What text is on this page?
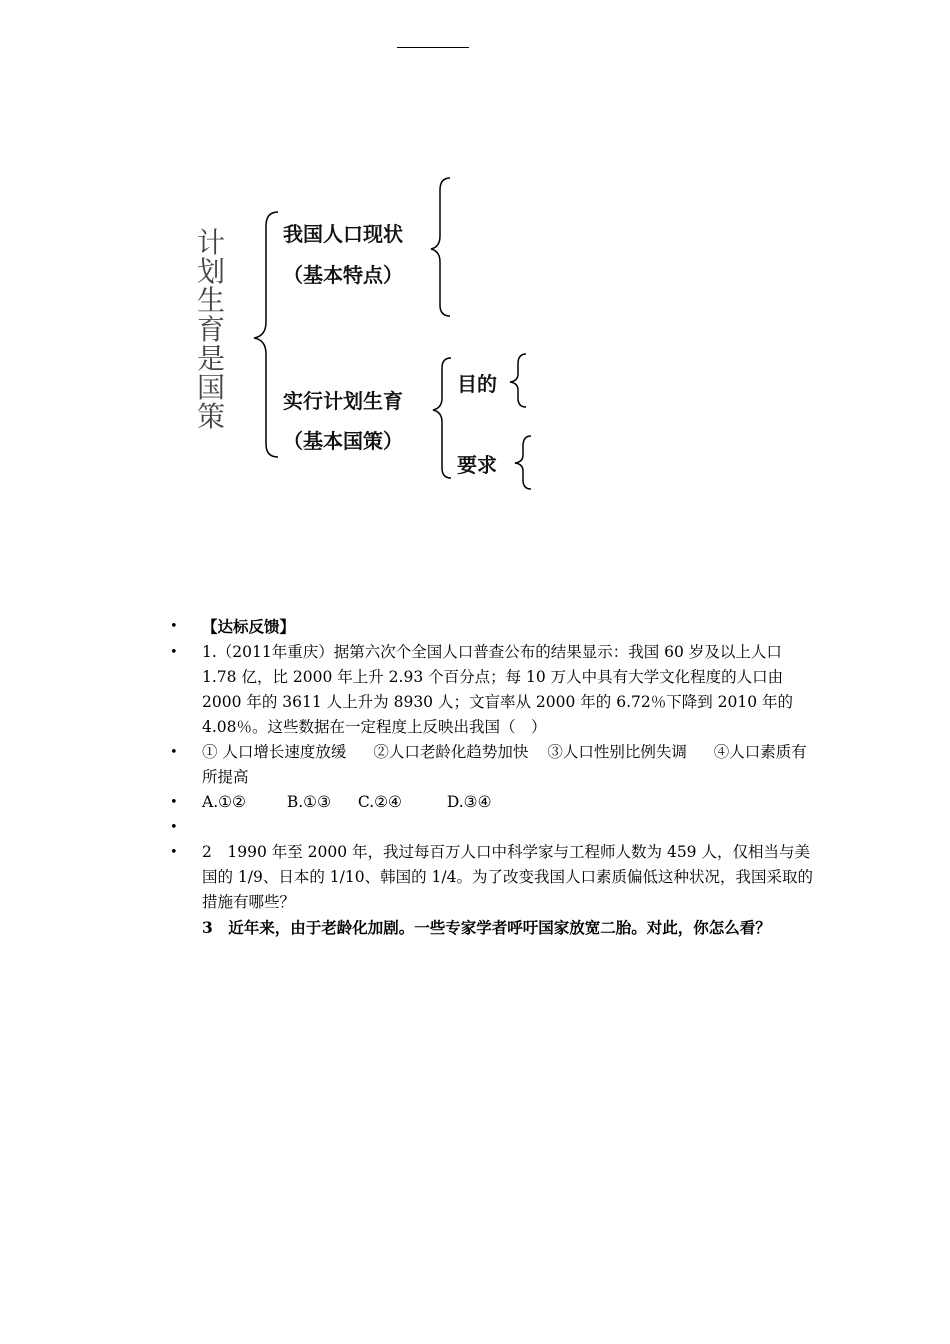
计划生育是国策
我国人口现状
（基本特点）
实行计划生育
（基本国策）
目的
要求
• 【达标反馈】
• 1.（2011年重庆）据第六次个全国人口普查公布的结果显示：我国 60 岁及以上人口 1.78 亿，比 2000 年上升 2.93 个百分点；每 10 万人中具有大学文化程度的人口由 2000 年的 3611 人上升为 8930 人；文盲率从 2000 年的 6.72％下降到 2010 年的 4.08％。这些数据在一定程度上反映出我国（　）
• ① 人口增长速度放缓 ②人口老龄化趋势加快 ③人口性别比例失调 ④人口素质有所提高
• A.①②	B.①③ C.②④	D.③④
•

• 2　1990 年至 2000 年，我过每百万人口中科学家与工程师人数为 459 人，仅相当与美国的 1/9、日本的 1/10、韩国的 1/4。为了改变我国人口素质偏低这种状况，我国采取的措施有哪些？
3　近年来，由于老龄化加剧。一些专家学者呼吁国家放宽二胎。对此，你怎么看？
